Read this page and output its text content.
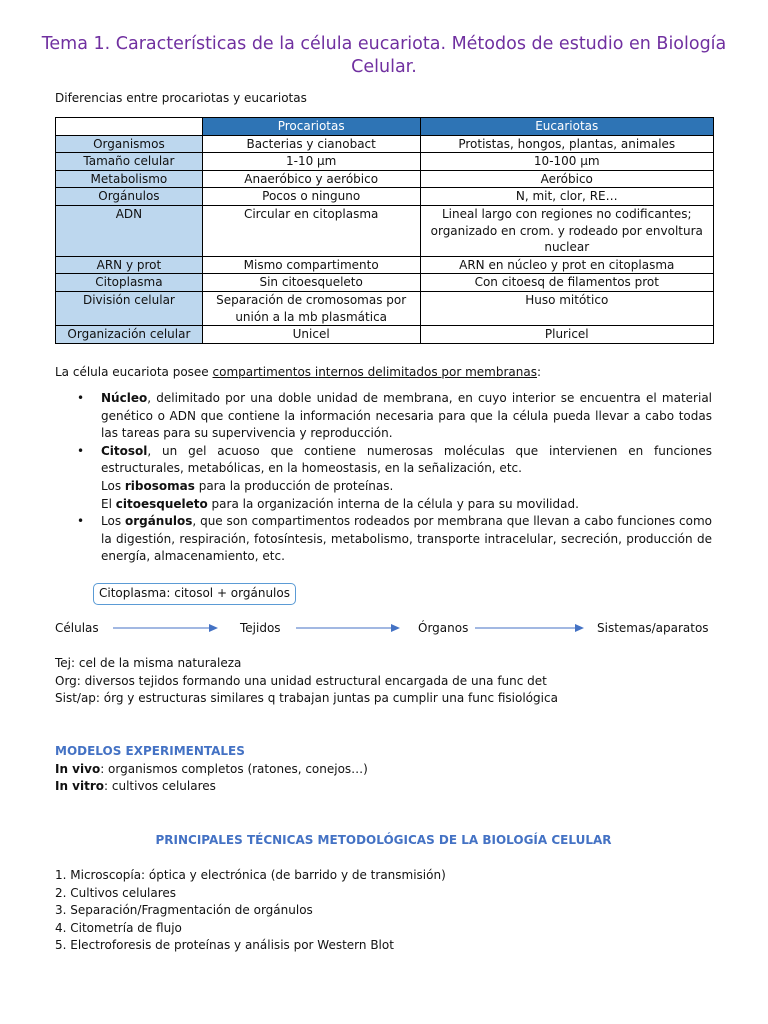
Tema 1. Características de la célula eucariota. Métodos de estudio en Biología Celular.
Diferencias entre procariotas y eucariotas
	Procariotas	Eucariotas
Organismos	Bacterias y cianobact	Protistas, hongos, plantas, animales
Tamaño celular	1-10 µm	10-100 µm
Metabolismo	Anaeróbico y aeróbico	Aeróbico
Orgánulos	Pocos o ninguno	N, mit, clor, RE…
ADN	Circular en citoplasma	Lineal largo con regiones no codificantes; organizado en crom. y rodeado por envoltura nuclear
ARN y prot	Mismo compartimento	ARN en núcleo y prot en citoplasma
Citoplasma	Sin citoesqueleto	Con citoesq de filamentos prot
División celular	Separación de cromosomas por unión a la mb plasmática	Huso mitótico
Organización celular	Unicel	Pluricel
La célula eucariota posee compartimentos internos delimitados por membranas:
• Núcleo, delimitado por una doble unidad de membrana, en cuyo interior se encuentra el material genético o ADN que contiene la información necesaria para que la célula pueda llevar a cabo todas las tareas para su supervivencia y reproducción.
• Citosol, un gel acuoso que contiene numerosas moléculas que intervienen en funciones estructurales, metabólicas, en la homeostasis, en la señalización, etc.
Los ribosomas para la producción de proteínas.
El citoesqueleto para la organización interna de la célula y para su movilidad.
• Los orgánulos, que son compartimentos rodeados por membrana que llevan a cabo funciones como la digestión, respiración, fotosíntesis, metabolismo, transporte intracelular, secreción, producción de energía, almacenamiento, etc.
Citoplasma: citosol + orgánulos
Células	Tejidos	Órganos	Sistemas/aparatos
Tej: cel de la misma naturaleza
Org: diversos tejidos formando una unidad estructural encargada de una func det
Sist/ap: órg y estructuras similares q trabajan juntas pa cumplir una func fisiológica
MODELOS EXPERIMENTALES
In vivo: organismos completos (ratones, conejos…)
In vitro: cultivos celulares
PRINCIPALES TÉCNICAS METODOLÓGICAS DE LA BIOLOGÍA CELULAR
1. Microscopía: óptica y electrónica (de barrido y de transmisión)
2. Cultivos celulares
3. Separación/Fragmentación de orgánulos
4. Citometría de flujo
5. Electroforesis de proteínas y análisis por Western Blot
